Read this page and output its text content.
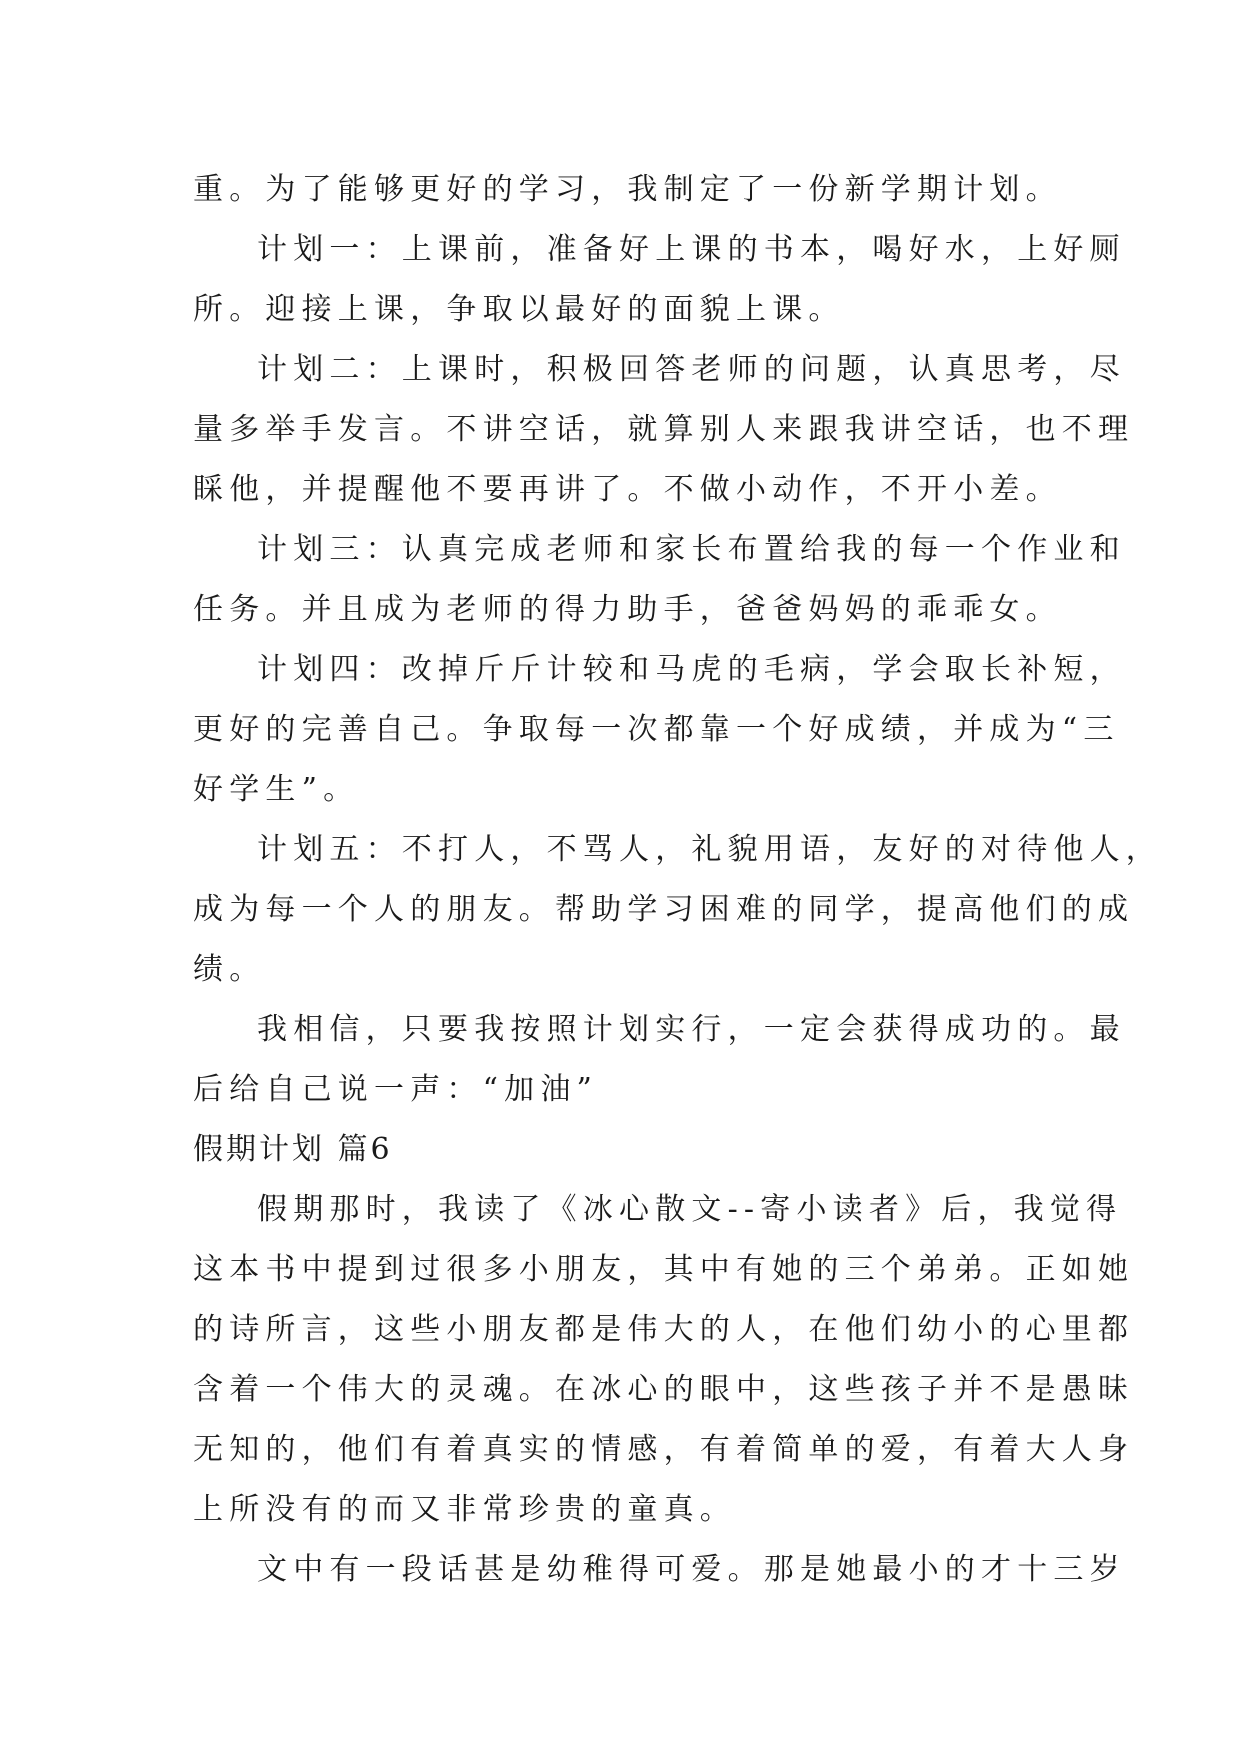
重。为了能够更好的学习，我制定了一份新学期计划。
计划一：上课前，准备好上课的书本，喝好水，上好厕
所。迎接上课，争取以最好的面貌上课。
计划二：上课时，积极回答老师的问题，认真思考，尽
量多举手发言。不讲空话，就算别人来跟我讲空话，也不理
睬他，并提醒他不要再讲了。不做小动作，不开小差。
计划三：认真完成老师和家长布置给我的每一个作业和
任务。并且成为老师的得力助手，爸爸妈妈的乖乖女。
计划四：改掉斤斤计较和马虎的毛病，学会取长补短，
更好的完善自己。争取每一次都靠一个好成绩，并成为“三
好学生”。
计划五：不打人，不骂人，礼貌用语，友好的对待他人，
成为每一个人的朋友。帮助学习困难的同学，提高他们的成
绩。
我相信，只要我按照计划实行，一定会获得成功的。最
后给自己说一声：“加油”
假期计划 篇6
假期那时，我读了《冰心散文--寄小读者》后，我觉得
这本书中提到过很多小朋友，其中有她的三个弟弟。正如她
的诗所言，这些小朋友都是伟大的人，在他们幼小的心里都
含着一个伟大的灵魂。在冰心的眼中，这些孩子并不是愚昧
无知的，他们有着真实的情感，有着简单的爱，有着大人身
上所没有的而又非常珍贵的童真。
文中有一段话甚是幼稚得可爱。那是她最小的才十三岁
